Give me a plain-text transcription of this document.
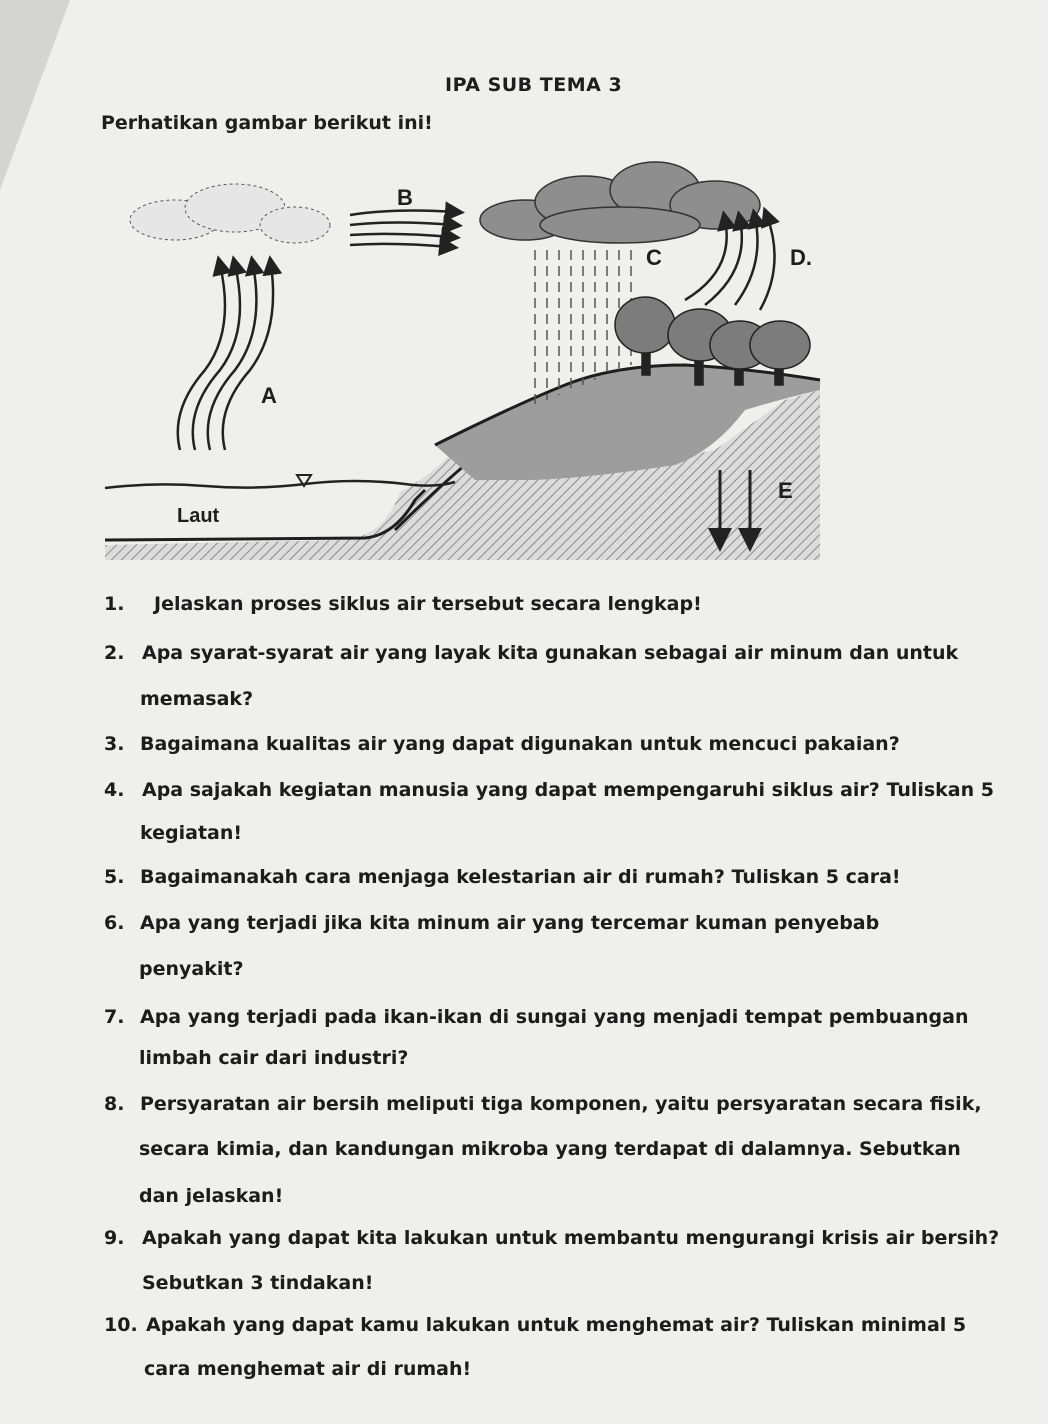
IPA SUB TEMA 3
Perhatikan gambar berikut ini!
A
B
C	D.
E
Laut
1. Jelaskan proses siklus air tersebut secara lengkap!
2. Apa syarat-syarat air yang layak kita gunakan sebagai air minum dan untuk
memasak?
3. Bagaimana kualitas air yang dapat digunakan untuk mencuci pakaian?
4. Apa sajakah kegiatan manusia yang dapat mempengaruhi siklus air? Tuliskan 5
kegiatan!
5. Bagaimanakah cara menjaga kelestarian air di rumah? Tuliskan 5 cara!
6. Apa yang terjadi jika kita minum air yang tercemar kuman penyebab
penyakit?
7. Apa yang terjadi pada ikan-ikan di sungai yang menjadi tempat pembuangan
limbah cair dari industri?
8. Persyaratan air bersih meliputi tiga komponen, yaitu persyaratan secara fisik,
secara kimia, dan kandungan mikroba yang terdapat di dalamnya. Sebutkan
dan jelaskan!
9. Apakah yang dapat kita lakukan untuk membantu mengurangi krisis air bersih?
Sebutkan 3 tindakan!
10. Apakah yang dapat kamu lakukan untuk menghemat air? Tuliskan minimal 5
cara menghemat air di rumah!
